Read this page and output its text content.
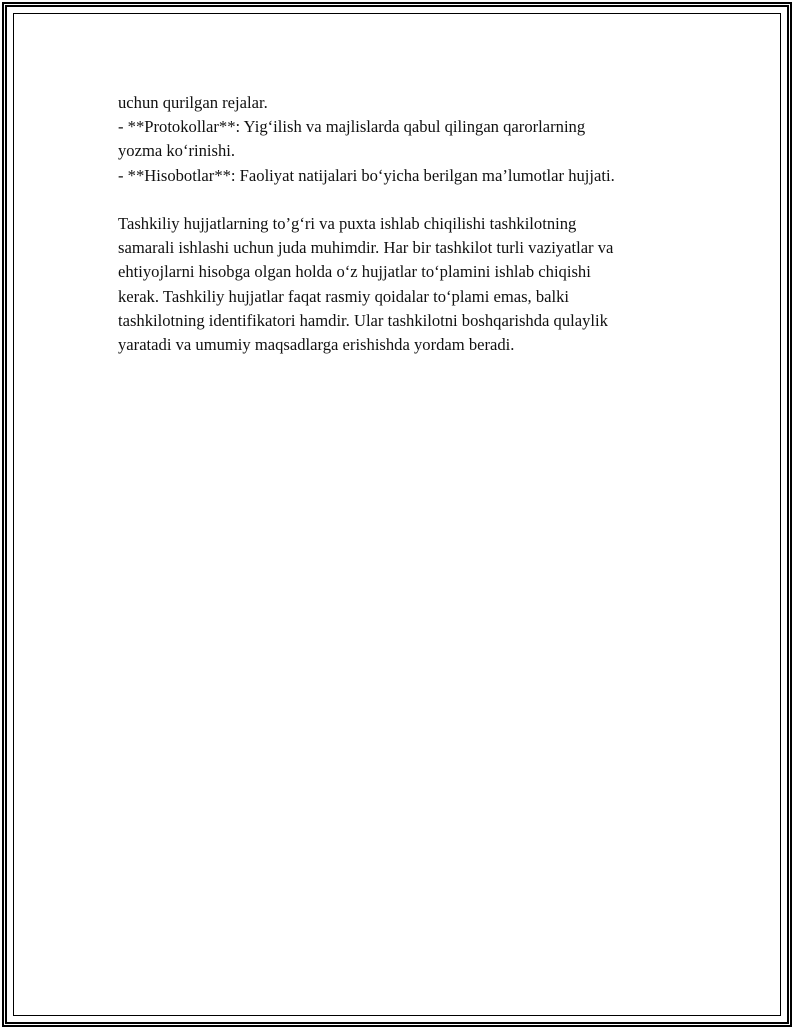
uchun qurilgan rejalar.
- **Protokollar**: Yig‘ilish va majlislarda qabul qilingan qarorlarning
yozma ko‘rinishi.
- **Hisobotlar**: Faoliyat natijalari bo‘yicha berilgan ma’lumotlar hujjati.
Tashkiliy hujjatlarning to’g‘ri va puxta ishlab chiqilishi tashkilotning
samarali ishlashi uchun juda muhimdir. Har bir tashkilot turli vaziyatlar va
ehtiyojlarni hisobga olgan holda o‘z hujjatlar to‘plamini ishlab chiqishi
kerak. Tashkiliy hujjatlar faqat rasmiy qoidalar to‘plami emas, balki
tashkilotning identifikatori hamdir. Ular tashkilotni boshqarishda qulaylik
yaratadi va umumiy maqsadlarga erishishda yordam beradi.
